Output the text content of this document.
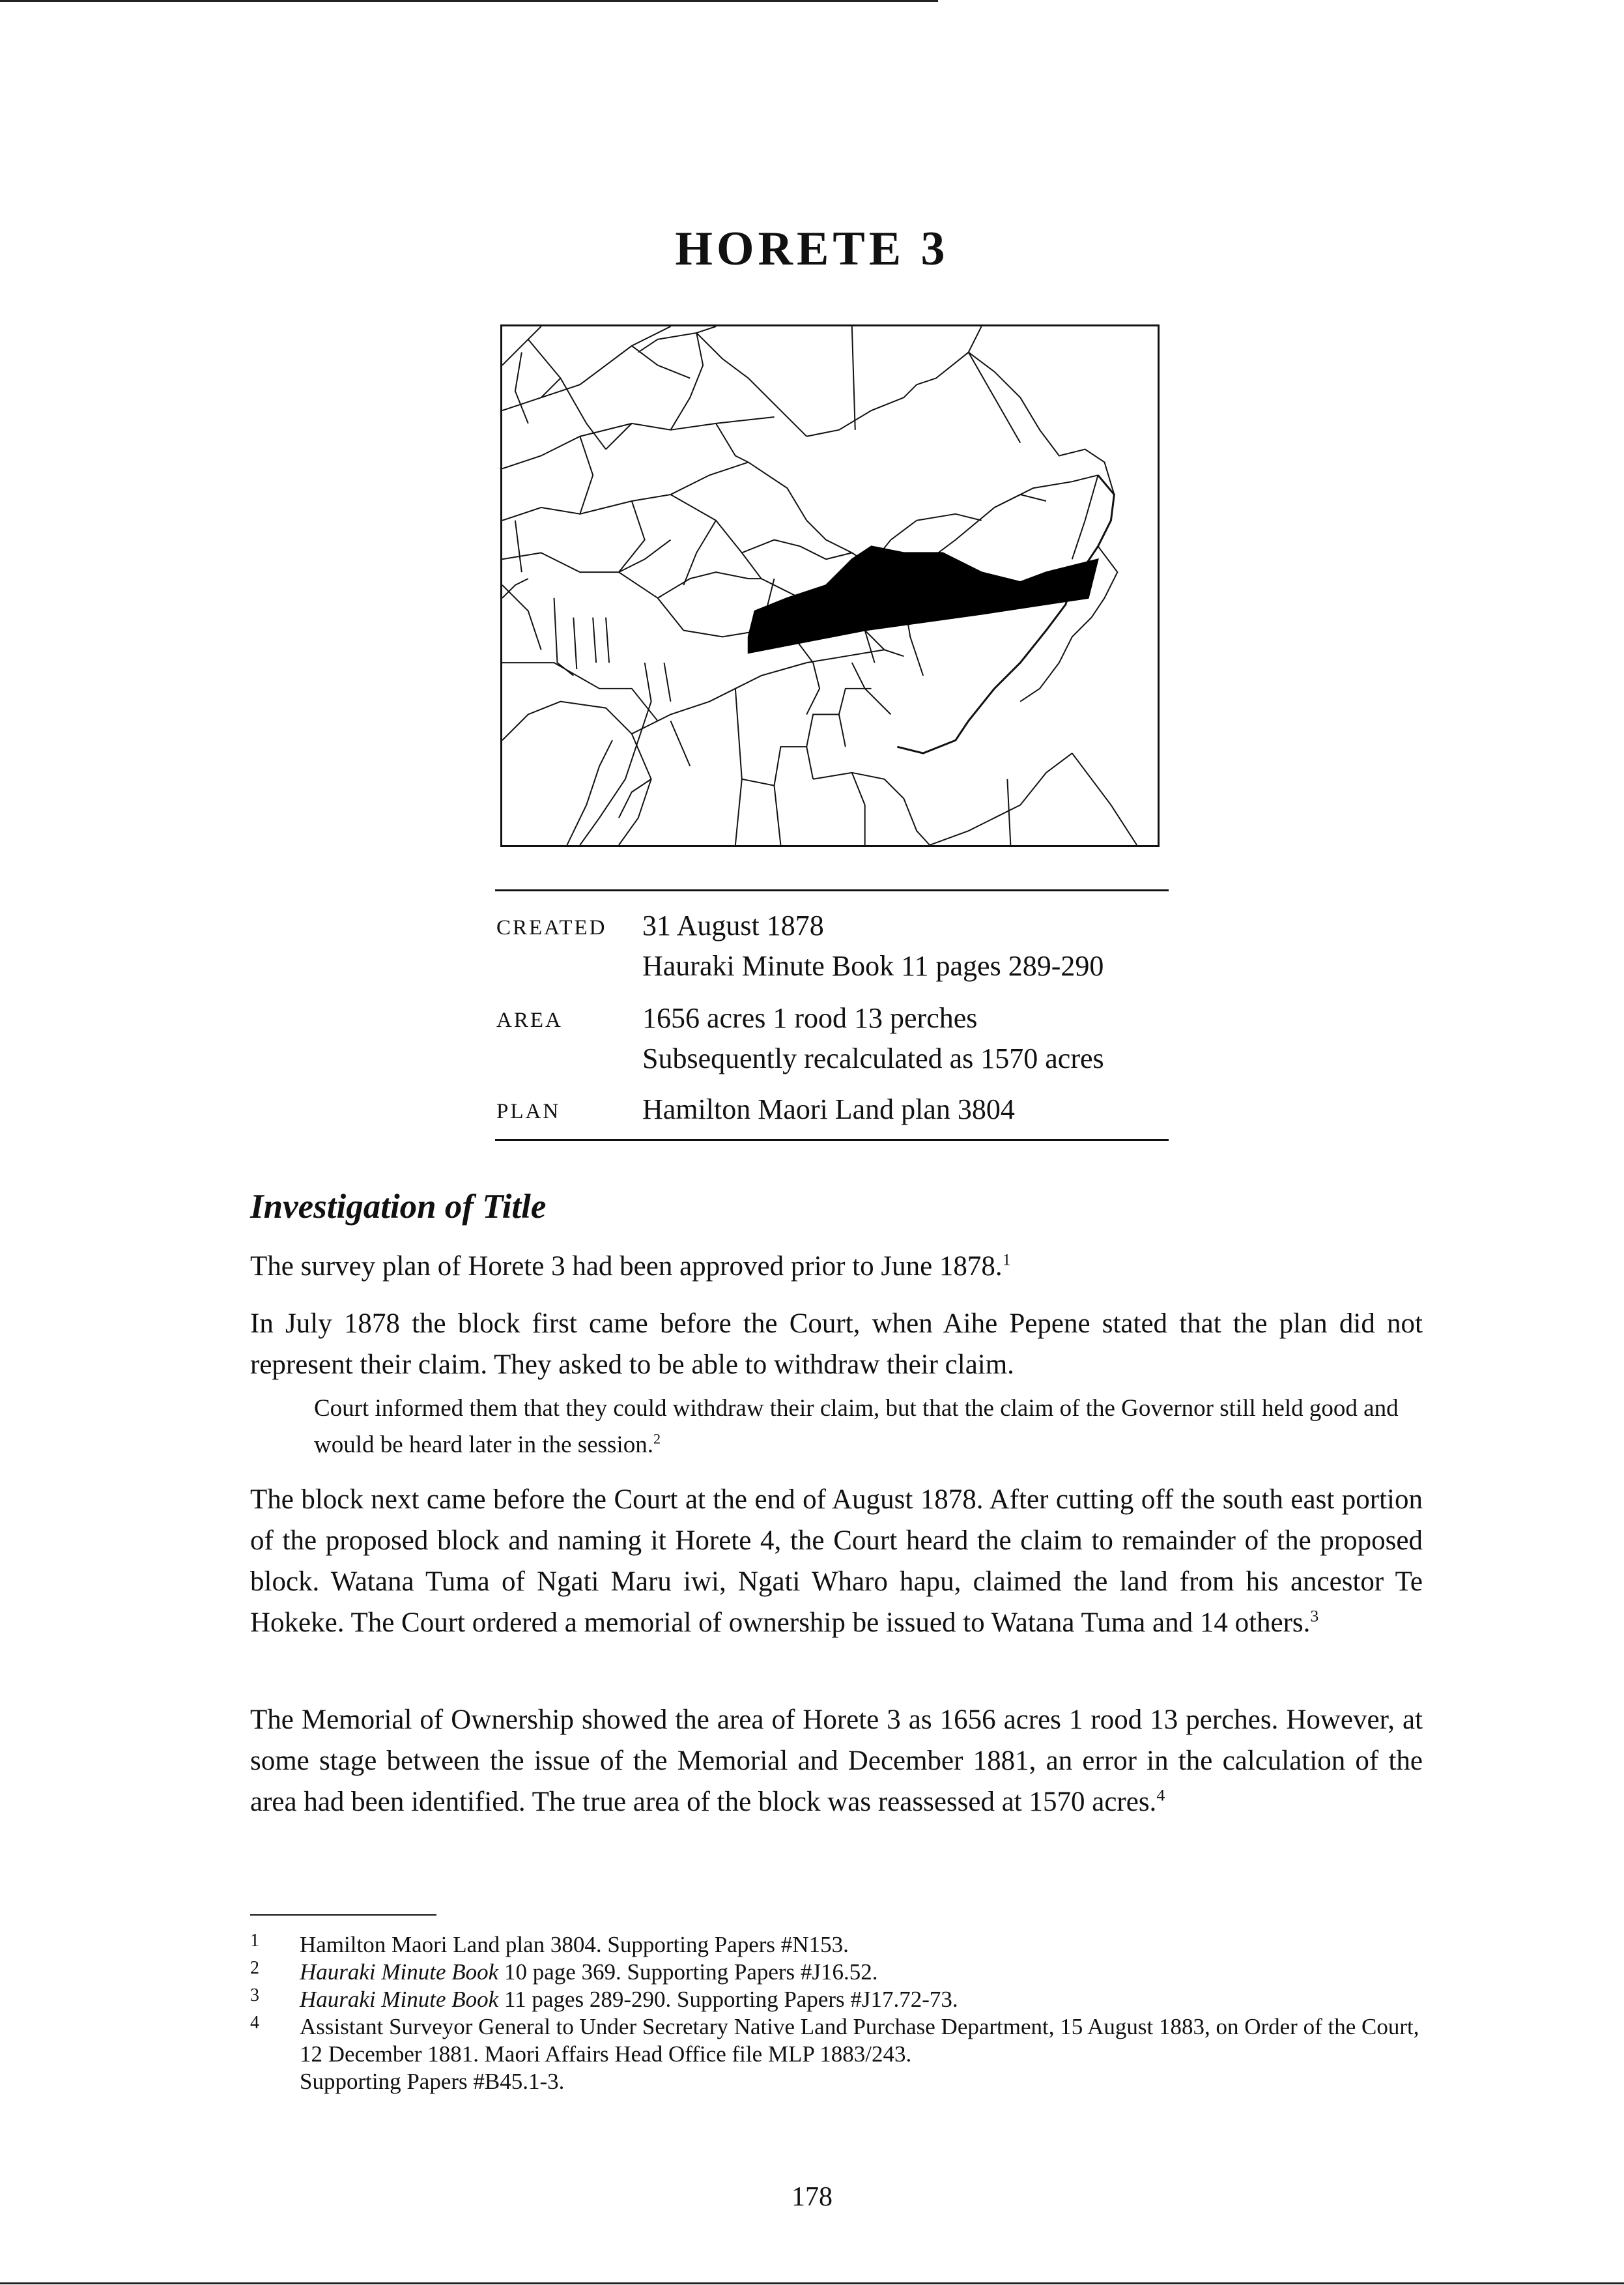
HORETE 3
CREATED 31 August 1878
Hauraki Minute Book 11 pages 289-290
AREA	1656 acres 1 rood 13 perches
Subsequently recalculated as 1570 acres
PLAN	Hamilton Maori Land plan 3804
Investigation of Title
The survey plan of Horete 3 had been approved prior to June 1878.$^1$
In July 1878 the block first came before the Court, when Aihe Pepene stated that the plan did not represent their claim. They asked to be able to withdraw their claim.
Court informed them that they could withdraw their claim, but that the claim of the Governor still held good and would be heard later in the session.$^2$
The block next came before the Court at the end of August 1878. After cutting off the south east portion of the proposed block and naming it Horete 4, the Court heard the claim to remainder of the proposed block. Watana Tuma of Ngati Maru iwi, Ngati Wharo hapu, claimed the land from his ancestor Te Hokeke. The Court ordered a memorial of ownership be issued to Watana Tuma and 14 others.$^3$
The Memorial of Ownership showed the area of Horete 3 as 1656 acres 1 rood 13 perches. However, at some stage between the issue of the Memorial and December 1881, an error in the calculation of the area had been identified. The true area of the block was reassessed at 1570 acres.$^4$
1 Hamilton Maori Land plan 3804. Supporting Papers #N153.
2 Hauraki Minute Book 10 page 369. Supporting Papers #J16.52.
3 Hauraki Minute Book 11 pages 289-290. Supporting Papers #J17.72-73.
4 Assistant Surveyor General to Under Secretary Native Land Purchase Department, 15 August 1883, on Order of the Court, 12 December 1881. Maori Affairs Head Office file MLP 1883/243.
Supporting Papers #B45.1-3.
178
